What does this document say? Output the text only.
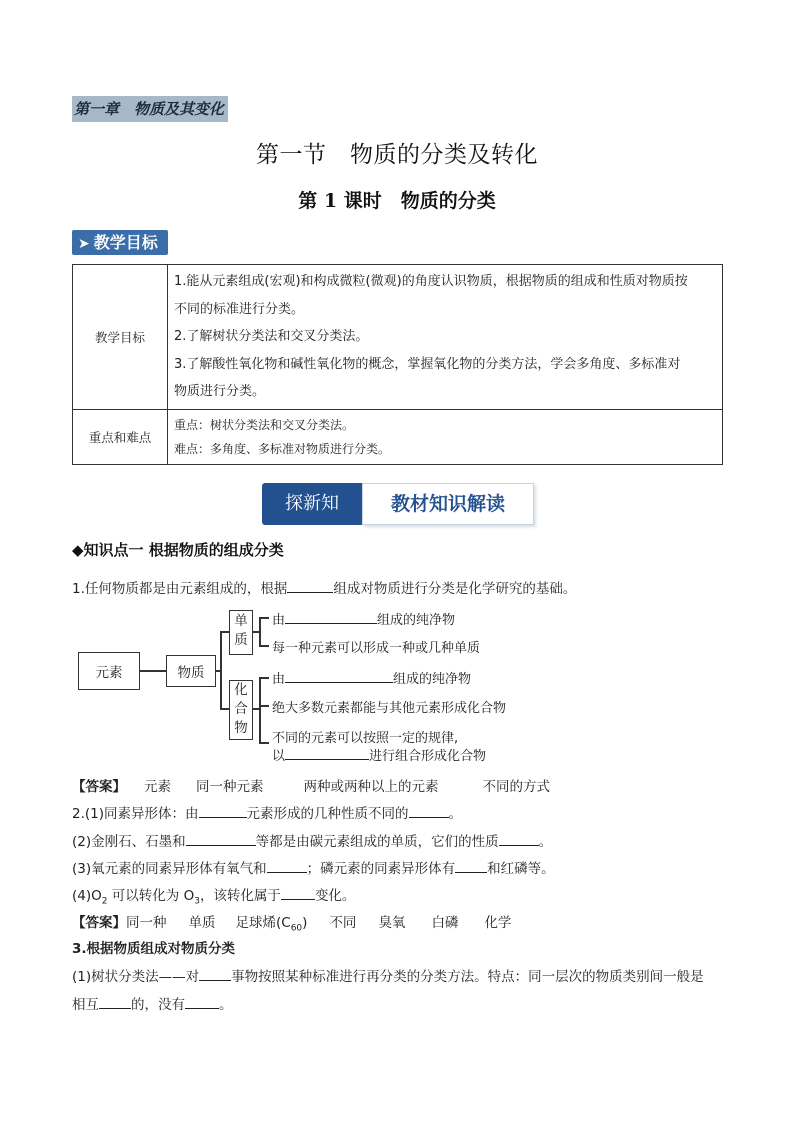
第一章　物质及其变化
第一节　物质的分类及转化
第 1 课时　物质的分类
➤ 教学目标
教学目标	1.能从元素组成(宏观)和构成微粒(微观)的角度认识物质，根据物质的组成和性质对物质按
不同的标准进行分类。
2.了解树状分类法和交叉分类法。
3.了解酸性氧化物和碱性氧化物的概念，掌握氧化物的分类方法，学会多角度、多标准对
物质进行分类。

重点和难点	重点：树状分类法和交叉分类法。
难点：多角度、多标准对物质进行分类。
探新知	教材知识解读
◆知识点一 根据物质的组成分类
1.任何物质都是由元素组成的，根据	组成对物质进行分类是化学研究的基础。
元素	物质
单
质
化
合
物
由	组成的纯净物
每一种元素可以形成一种或几种单质
由	组成的纯净物
绝大多数元素都能与其他元素形成化合物
不同的元素可以按照一定的规律,
以	进行组合形成化合物
【答案】 元素 同一种元素	两种或两种以上的元素	不同的方式
2.(1)同素异形体：由	元素形成的几种性质不同的	。
(2)金刚石、石墨和	等都是由碳元素组成的单质，它们的性质	。
(3)氧元素的同素异形体有氧气和	；磷元素的同素异形体有 和红磷等。
$(4)O_2$ 可以转化为 $O_3$，该转化属于	变化。
【答案】同一种 单质 足球烯$(C_{60})$ 不同 臭氧 白磷 化学
3.根据物质组成对物质分类
(1)树状分类法——对 事物按照某种标准进行再分类的分类方法。特点：同一层次的物质类别间一般是
相互 的，没有	。
